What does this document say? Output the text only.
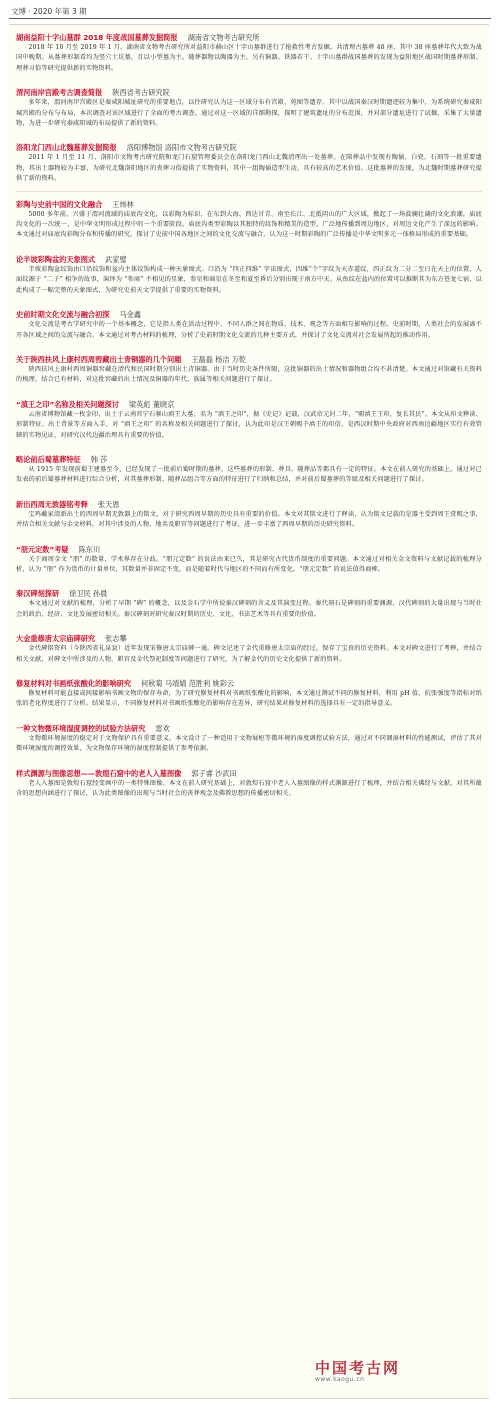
文博 · 2020 年第 3 期
湖南益阳十字山墓群 2018 年度战国墓葬发掘简报 湖南省文物考古研究所

2018 年 10 月至 2019 年 1 月，湖南省文物考古研究所对益阳市赫山区十字山墓群进行了抢救性考古发掘，共清理古墓葬 48 座，其中 38 座墓葬年代大致为战国中晚期。从墓葬形制看均为竖穴土坑墓，且以小型墓为主。随葬器物以陶器为主，另有铜器、铁器若干。十字山墓群战国墓葬的发现为益阳地区战国时期墓葬形制、埋葬习俗等研究提供新的实物资料。

渭河南岸宫殿考古调查简报 陕西省考古研究院

多年来，渭河南岸宫殿区是秦咸阳城址研究的重要地点，以往研究认为这一区域分布有宫殿、苑囿等遗存。其中以战国秦汉时期遗迹较为集中，为系统研究秦咸阳城宫殿的分布与布局，本次调查对该区域进行了全面的考古调查。通过对这一区域的详细勘探，探明了建筑遗址的分布范围，并对部分遗址进行了试掘，采集了大量遗物，为进一步研究秦咸阳城的布局提供了新的资料。

洛阳龙门西山北魏墓葬发掘简报 洛阳博物馆 洛阳市文物考古研究院

2011 年 1 月至 11 月，洛阳市文物考古研究院和龙门石窟管理委员会在洛阳龙门西山北魏清理出一处墓葬。在陪葬品中发现有陶俑、白瓷、石刻等一批重要遗物，其出土器物较为丰富，为研究北魏洛阳地区的丧葬习俗提供了实物资料，其中一组陶俑造型生动，具有较高的艺术价值。这批墓葬的发现，为北魏时期墓葬研究提供了新的资料。

彩陶与史前中国的文化融合 王炜林

5000 多年前，兴盛于渭河流域的庙底沟文化，以彩陶为标识，在东到大海、西达甘青、南至长江、北抵阴山的广大区域，掀起了一场波澜壮阔的文化浪潮，庙底沟文化的一次统一，是中华文明形成过程中的一个重要阶段。庙底沟类型彩陶以其独特的纹饰和精美的造型，广泛地传播到周边地区，对周边文化产生了深远的影响。本文通过对庙底沟彩陶分布和传播的研究，探讨了史前中国各地区之间的文化交流与融合，认为这一时期彩陶的广泛传播是中华文明多元一体格局形成的重要基础。

论半坡彩陶盆的天象图式 武家璧

半坡彩陶盆纹饰由口沿纹饰和盆内主体纹饰构成一种天象图式。口沿为 “四正四维” 字宙图式，四维“个”字纹为天赤道纹，四正纹为二分二至日在天上的位置，人面纹源于 “二子” 相争的故事，演绎为 “参商” 不相见的星象，参星和商星在冬至和夏至昏后分别出现于南方中天。从鱼纹在盆内的位置可以推断其为东方苍龙七宿，以此构成了一幅完整的天象图式，为研究史前天文学提供了重要的实物资料。

史前时期文化交流与融合初探 马金鑫

文化交流是考古学研究中的一个基本概念，它是指人类在活动过程中，不同人群之间在物质、技术、观念等方面相互影响的过程。史前时期，人类社会的发展离不开各区域之间的交流与融合。本文通过对考古材料的梳理，分析了史前时期文化交流的几种主要方式，并探讨了文化交流对社会发展所起的推动作用。

关于陕西扶风上康村西周窖藏出土青铜器的几个问题 王磊磊 杨洁 万乾

陕西扶风上康村西周铜器窖藏在清代和民国时期分别出土青铜器。由于当时历史条件所限，这批铜器的出土情况和器物组合均不甚清楚。本文通过对馆藏有关资料的梳理，结合已有材料，对这批窖藏的出土情况及铜器的年代、族属等相关问题进行了探讨。

“滇王之印”名称及相关问题探讨 梁英彪 董晓京

云南省博物馆藏一枚金印，出土于云南晋宁石寨山滇王大墓，名为 “滇王之印”，据《史记》记载，汉武帝元封二年，“赐滇王王印，复长其民”。本文从印文释读、形制特征、出土背景等方面入手，对 “滇王之印” 的名称及相关问题进行了探讨，认为此印是汉王朝赐予滇王的印信，是西汉时期中央政府对西南边疆地区实行有效管辖的实物见证，对研究汉代边疆治理具有重要的价值。

略论前后蜀墓葬特征 韩 莎

从 1915 年发现前蜀王建墓至今，已经发现了一批前后蜀时期的墓葬，这些墓葬的形制、葬具、随葬品等都具有一定的特征。本文在前人研究的基础上，通过对已发表的前后蜀墓葬材料进行综合分析，对其墓葬形制、随葬品组合等方面的特征进行了归纳和总结，并对前后蜀墓葬的等级及相关问题进行了探讨。

新出西周无敦器铭考释 张天恩

宝鸡戴家湾新出土的西周早期无敦器上的铭文，对于研究西周早期的历史具有重要的价值。本文对其铭文进行了释读，认为铭文记载的是器主受到周王赏赐之事，并结合相关文献与金文材料，对其中涉及的人物、地名及职官等问题进行了考证，进一步丰富了西周早期的历史研究资料。

“朋元定数”考疑 陈东川

关于商周金文 “朋” 的数量，学术界存在分歧。“朋元定数” 的说法由来已久，其是研究古代货币制度的重要问题。本文通过对相关金文资料与文献记载的梳理分析，认为 “朋” 作为货币的计量单位，其数量并非固定不变，而是随着时代与地区的不同而有所变化，“朋元定数” 的说法值得商榷。

秦汉碑刻探研 徐卫民 孙晨

本文通过对文献的梳理，分析了早期 “碑” 的概念，以及金石学中所说秦汉碑刻的含义及其演变过程。秦代刻石是碑刻的重要渊源，汉代碑刻的大量出现与当时社会的政治、经济、文化发展密切相关。秦汉碑刻对研究秦汉时期的历史、文化、书法艺术等具有重要的价值。

大金重修唐太宗庙碑研究 张志攀

金代碑铭资料（今陕西省礼泉县）近年发现宋修唐太宗庙碑一通。碑文记述了金代重修唐太宗庙的经过，保存了宝贵的历史资料。本文对碑文进行了考释，并结合相关文献，对碑文中所涉及的人物、职官及金代祭祀制度等问题进行了研究，为了解金代的历史文化提供了新的资料。

修复材料对书画纸张酸化的影响研究 何秋菊 马靖婧 范胜利 姚彩云

修复材料可能直接或间接影响书画文物的保存寿命，为了研究修复材料对书画纸张酸化的影响，本文通过测试不同的修复材料，利用 pH 值、抗张强度等指标对纸张的老化程度进行了分析。结果显示，不同修复材料对书画纸张酸化的影响存在差异，研究结果对修复材料的选择具有一定的指导意义。

一种文物微环境湿度调控的试验方法研究 雷欢

文物微环境湿度的稳定对于文物保护具有重要意义。本文设计了一种适用于文物展柜等微环境的湿度调控试验方法，通过对不同调湿材料的性能测试，评估了其对微环境湿度的调控效果，为文物保存环境的湿度控制提供了参考依据。

样式渊源与图像思想——敦煌石窟中的老人入墓图像 郭子睿 沙武田

老人入墓图是敦煌石窟经变画中的一类特殊图像。本文在前人研究基础上，对敦煌石窟中老人入墓图像的样式渊源进行了梳理，并结合相关佛经与文献，对其所蕴含的思想内涵进行了探讨，认为此类图像的出现与当时社会的丧葬观念及佛教思想的传播密切相关。

中国考古网
www.kaogu.cn
